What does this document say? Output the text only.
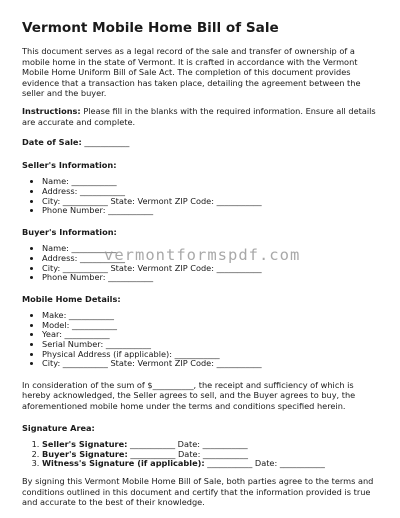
Vermont Mobile Home Bill of Sale

This document serves as a legal record of the sale and transfer of ownership of a mobile home in the state of Vermont. It is crafted in accordance with the Vermont Mobile Home Uniform Bill of Sale Act. The completion of this document provides evidence that a transaction has taken place, detailing the agreement between the seller and the buyer.

Instructions: Please fill in the blanks with the required information. Ensure all details are accurate and complete.

Date of Sale: ___________
Seller's Information:
• Name: ___________
• Address: ___________
• City: ___________ State: Vermont ZIP Code: ___________
• Phone Number: ___________
Buyer's Information:
• Name: ___________
• Address: ___________
• City: ___________ State: Vermont ZIP Code: ___________
• Phone Number: ___________
Mobile Home Details:
• Make: ___________
• Model: ___________
• Year: ___________
• Serial Number: ___________
• Physical Address (if applicable): ___________
• City: ___________ State: Vermont ZIP Code: ___________

In consideration of the sum of $__________, the receipt and sufficiency of which is hereby acknowledged, the Seller agrees to sell, and the Buyer agrees to buy, the aforementioned mobile home under the terms and conditions specified herein.

Signature Area:
1. Seller's Signature: ___________ Date: ___________
2. Buyer's Signature: ___________ Date: ___________
3. Witness's Signature (if applicable): ___________ Date: ___________

By signing this Vermont Mobile Home Bill of Sale, both parties agree to the terms and conditions outlined in this document and certify that the information provided is true and accurate to the best of their knowledge.

vermontformspdf.com
